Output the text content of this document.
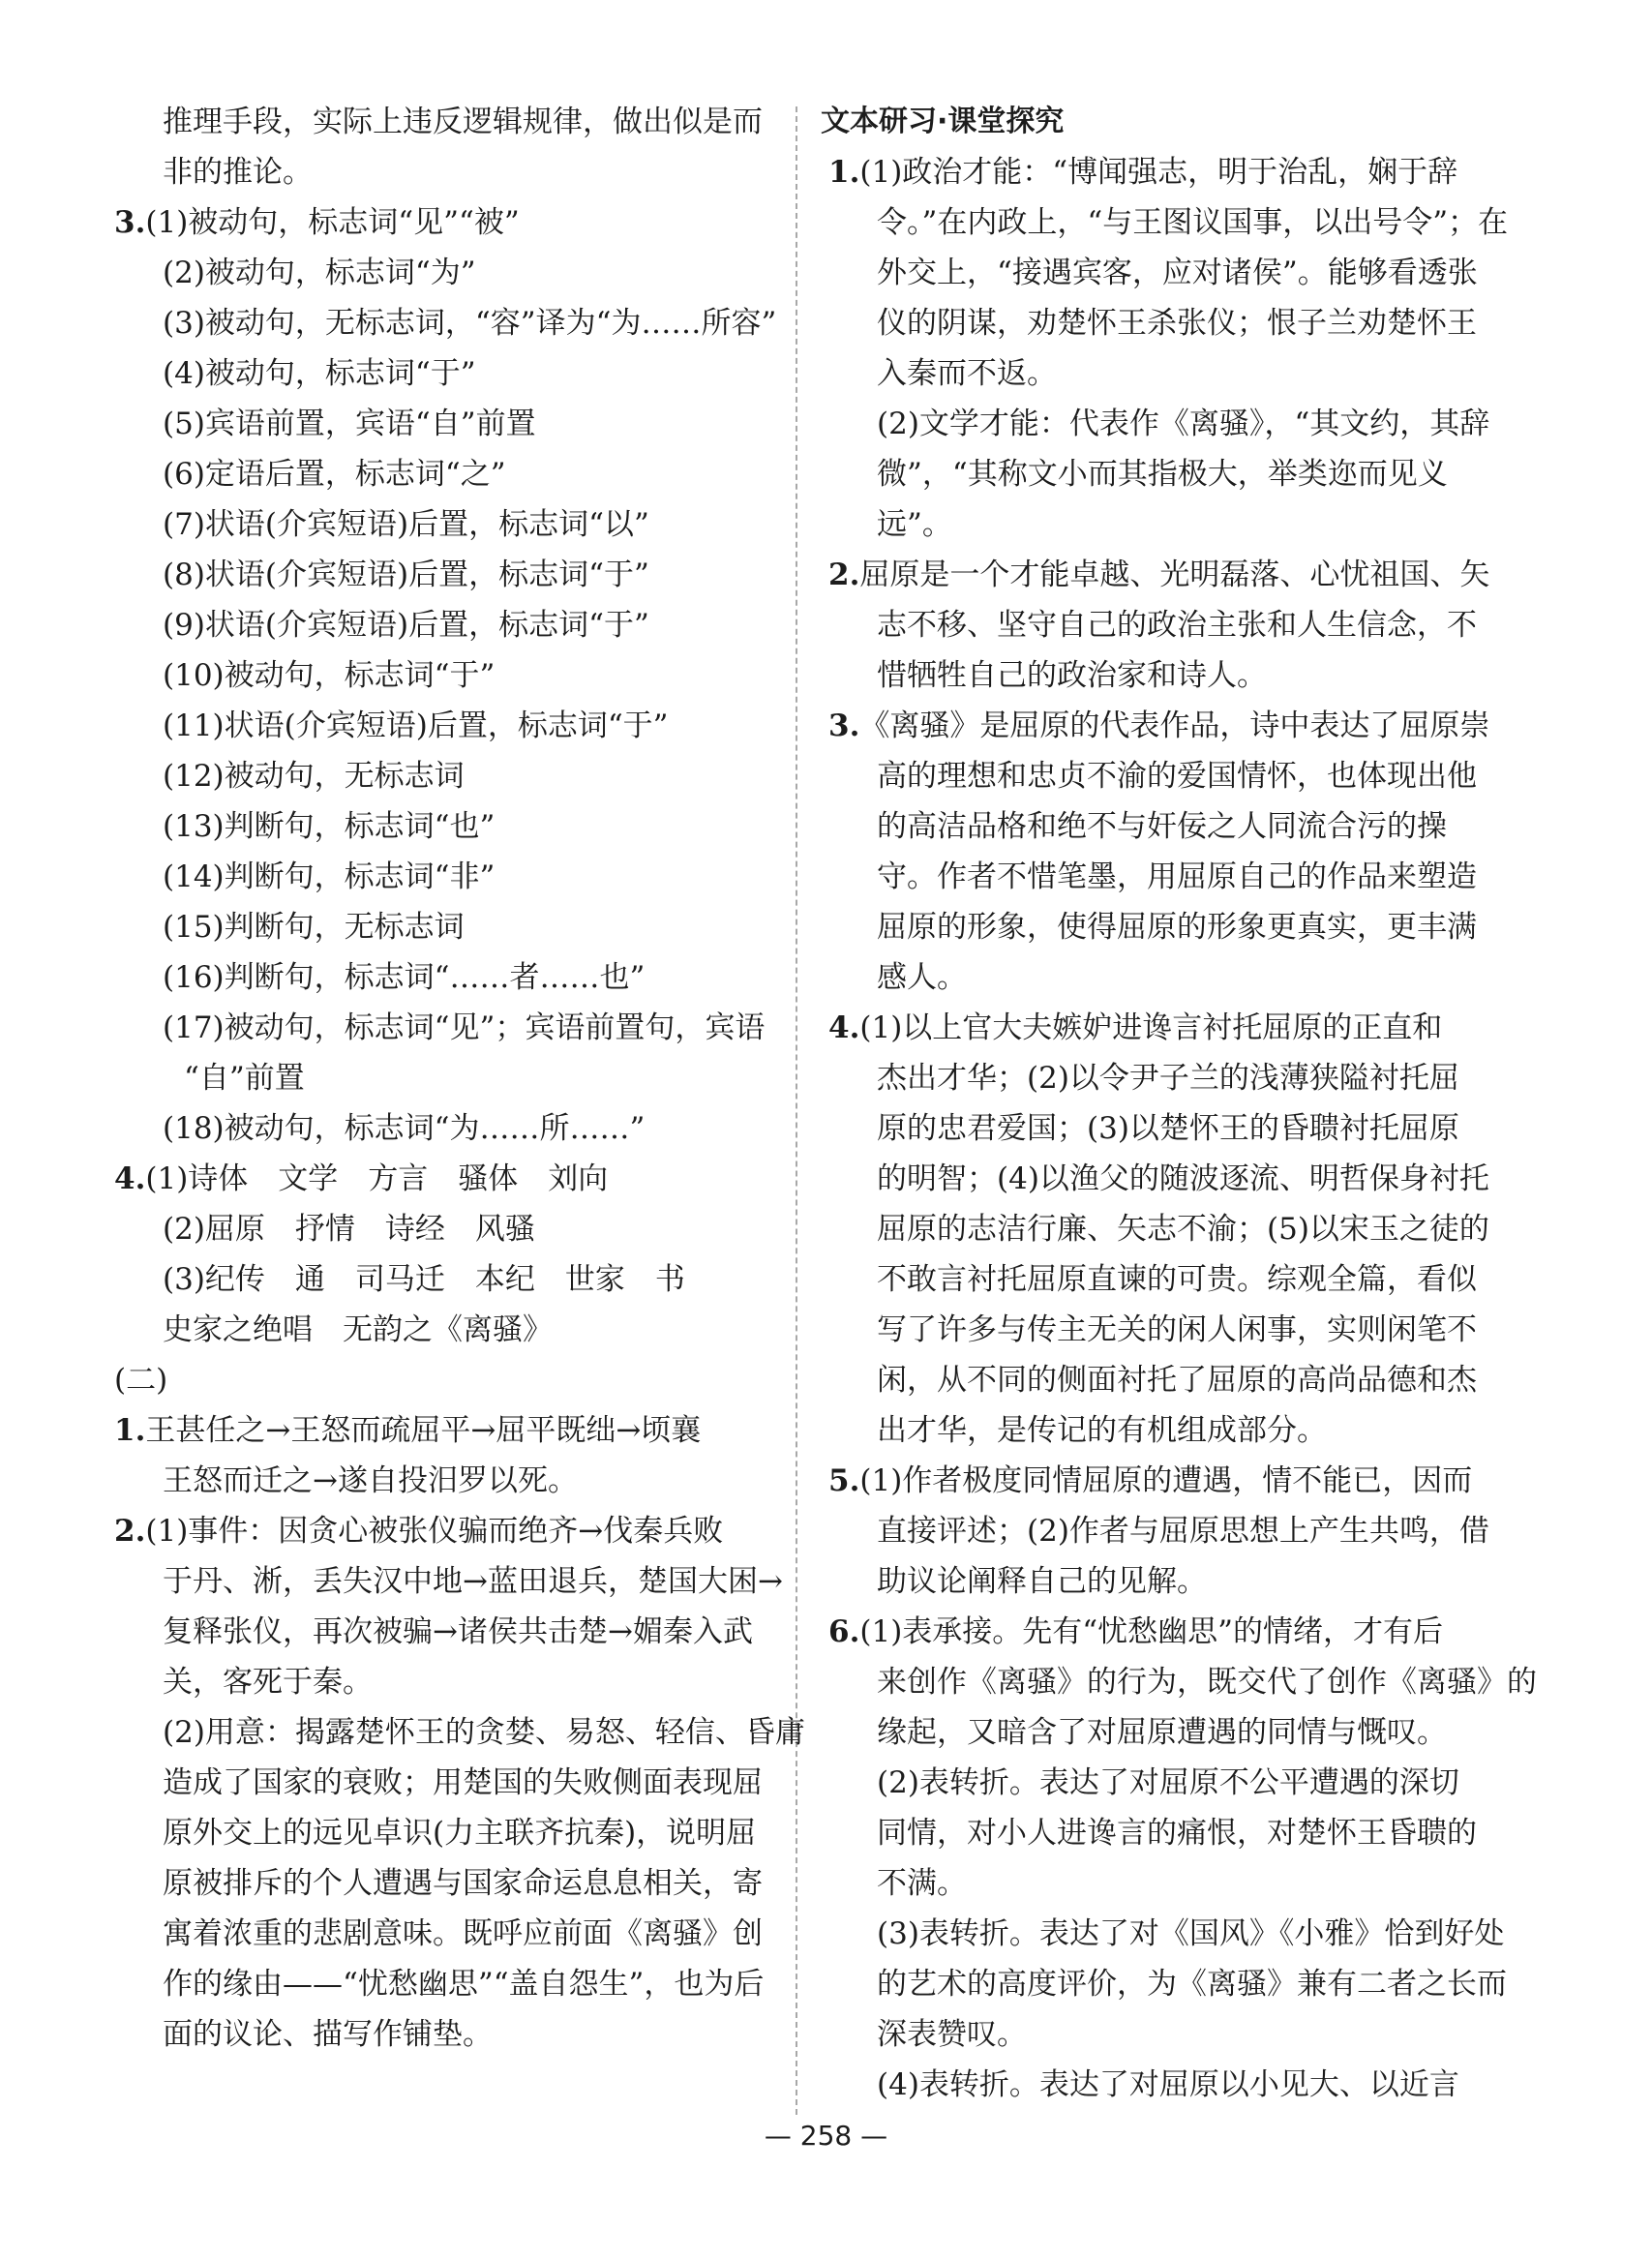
推理手段，实际上违反逻辑规律，做出似是而
非的推论。
3.(1)被动句，标志词“见”“被”
(2)被动句，标志词“为”
(3)被动句，无标志词，“容”译为“为……所容”
(4)被动句，标志词“于”
(5)宾语前置，宾语“自”前置
(6)定语后置，标志词“之”
(7)状语(介宾短语)后置，标志词“以”
(8)状语(介宾短语)后置，标志词“于”
(9)状语(介宾短语)后置，标志词“于”
(10)被动句，标志词“于”
(11)状语(介宾短语)后置，标志词“于”
(12)被动句，无标志词
(13)判断句，标志词“也”
(14)判断句，标志词“非”
(15)判断句，无标志词
(16)判断句，标志词“……者……也”
(17)被动句，标志词“见”；宾语前置句，宾语
“自”前置
(18)被动句，标志词“为……所……”
4.(1)诗体　文学　方言　骚体　刘向
(2)屈原　抒情　诗经　风骚
(3)纪传　通　司马迁　本纪　世家　书
史家之绝唱　无韵之《离骚》
(二)
1.王甚任之→王怒而疏屈平→屈平既绌→顷襄
王怒而迁之→遂自投汨罗以死。
2.(1)事件：因贪心被张仪骗而绝齐→伐秦兵败
于丹、淅，丢失汉中地→蓝田退兵，楚国大困→
复释张仪，再次被骗→诸侯共击楚→媚秦入武
关，客死于秦。
(2)用意：揭露楚怀王的贪婪、易怒、轻信、昏庸
造成了国家的衰败；用楚国的失败侧面表现屈
原外交上的远见卓识(力主联齐抗秦)，说明屈
原被排斥的个人遭遇与国家命运息息相关，寄
寓着浓重的悲剧意味。既呼应前面《离骚》创
作的缘由——“忧愁幽思”“盖自怨生”，也为后
面的议论、描写作铺垫。
文本研习·课堂探究
1.(1)政治才能：“博闻强志，明于治乱，娴于辞
令。”在内政上，“与王图议国事，以出号令”；在
外交上，“接遇宾客，应对诸侯”。能够看透张
仪的阴谋，劝楚怀王杀张仪；恨子兰劝楚怀王
入秦而不返。
(2)文学才能：代表作《离骚》，“其文约，其辞
微”，“其称文小而其指极大，举类迩而见义
远”。
2.屈原是一个才能卓越、光明磊落、心忧祖国、矢
志不移、坚守自己的政治主张和人生信念，不
惜牺牲自己的政治家和诗人。
3.《离骚》是屈原的代表作品，诗中表达了屈原崇
高的理想和忠贞不渝的爱国情怀，也体现出他
的高洁品格和绝不与奸佞之人同流合污的操
守。作者不惜笔墨，用屈原自己的作品来塑造
屈原的形象，使得屈原的形象更真实，更丰满
感人。
4.(1)以上官大夫嫉妒进谗言衬托屈原的正直和
杰出才华；(2)以令尹子兰的浅薄狭隘衬托屈
原的忠君爱国；(3)以楚怀王的昏聩衬托屈原
的明智；(4)以渔父的随波逐流、明哲保身衬托
屈原的志洁行廉、矢志不渝；(5)以宋玉之徒的
不敢言衬托屈原直谏的可贵。综观全篇，看似
写了许多与传主无关的闲人闲事，实则闲笔不
闲，从不同的侧面衬托了屈原的高尚品德和杰
出才华，是传记的有机组成部分。
5.(1)作者极度同情屈原的遭遇，情不能已，因而
直接评述；(2)作者与屈原思想上产生共鸣，借
助议论阐释自己的见解。
6.(1)表承接。先有“忧愁幽思”的情绪，才有后
来创作《离骚》的行为，既交代了创作《离骚》的
缘起，又暗含了对屈原遭遇的同情与慨叹。
(2)表转折。表达了对屈原不公平遭遇的深切
同情，对小人进谗言的痛恨，对楚怀王昏聩的
不满。
(3)表转折。表达了对《国风》《小雅》恰到好处
的艺术的高度评价，为《离骚》兼有二者之长而
深表赞叹。
(4)表转折。表达了对屈原以小见大、以近言
— 258 —
